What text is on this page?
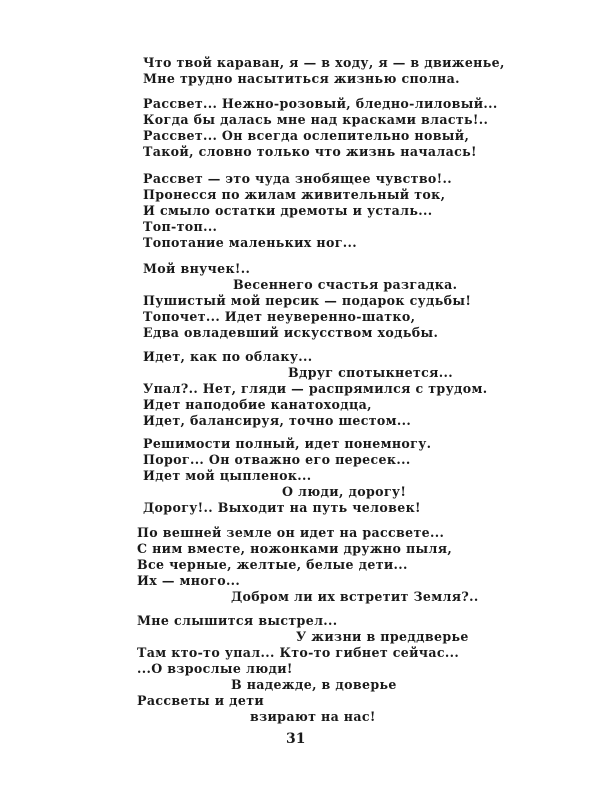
Что твой караван, я — в ходу, я — в движенье,
Мне трудно насытиться жизнью сполна.
Рассвет... Нежно-розовый, бледно-лиловый...
Когда бы далась мне над красками власть!..
Рассвет... Он всегда ослепительно новый,
Такой, словно только что жизнь началась!
Рассвет — это чуда знобящее чувство!..
Пронесся по жилам живительный ток,
И смыло остатки дремоты и усталь...
Топ-топ...
Топотание маленьких ног...
Мой внучек!..
Весеннего счастья разгадка.
Пушистый мой персик — подарок судьбы!
Топочет... Идет неуверенно-шатко,
Едва овладевший искусством ходьбы.
Идет, как по облаку...
Вдруг спотыкнется...
Упал?.. Нет, гляди — распрямился с трудом.
Идет наподобие канатоходца,
Идет, балансируя, точно шестом...
Решимости полный, идет понемногу.
Порог... Он отважно его пересек...
Идет мой цыпленок...
О люди, дорогу!
Дорогу!.. Выходит на путь человек!
По вешней земле он идет на рассвете...
С ним вместе, ножонками дружно пыля,
Все черные, желтые, белые дети...
Их — много...
Добром ли их встретит Земля?..
Мне слышится выстрел...
У жизни в преддверье
Там кто-то упал... Кто-то гибнет сейчас...
...О взрослые люди!
В надежде, в доверье
Рассветы и дети
взирают на нас!
31
